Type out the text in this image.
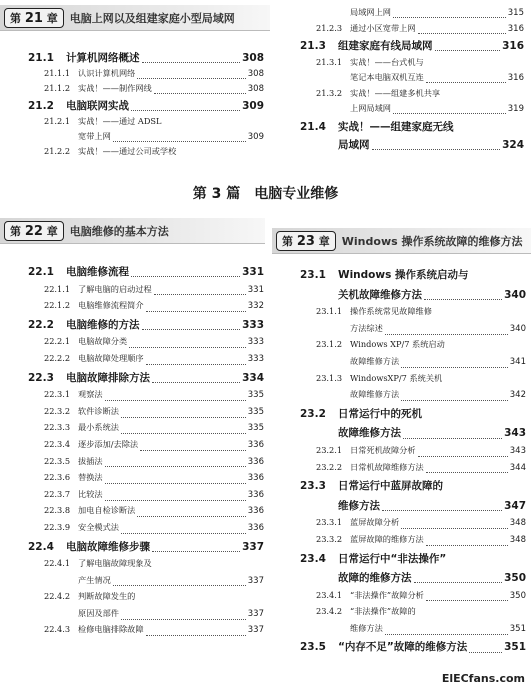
第 21 章	电脑上网以及组建家庭小型局域网
21.1	计算机网络概述	308
21.1.1 认识计算机网络	308
21.1.2 实战！——制作网线	308
21.2	电脑联网实战	309
21.2.1 实战！——通过 ADSL
宽带上网	309
21.2.2 实战！——通过公司或学校
局域网上网	315
21.2.3 通过小区宽带上网	316
21.3	组建家庭有线局域网	316
21.3.1 实战！——台式机与
笔记本电脑双机互连	316
21.3.2 实战！——组建多机共享
上网局域网	319
21.4	实战！——组建家庭无线
局域网	324
第 3 篇　电脑专业维修
第 22 章	电脑维修的基本方法
22.1	电脑维修流程	331
22.1.1 了解电脑的启动过程	331
22.1.2 电脑维修流程简介	332
22.2	电脑维修的方法	333
22.2.1 电脑故障分类	333
22.2.2 电脑故障处理顺序	333
22.3	电脑故障排除方法	334
22.3.1 观察法	335
22.3.2 软件诊断法	335
22.3.3 最小系统法	335
22.3.4 逐步添加/去除法	336
22.3.5 拔插法	336
22.3.6 替换法	336
22.3.7 比较法	336
22.3.8 加电自检诊断法	336
22.3.9 安全模式法	336
22.4	电脑故障维修步骤	337
22.4.1 了解电脑故障现象及
产生情况	337
22.4.2 判断故障发生的
原因及部件	337
22.4.3 检修电脑排除故障	337
第 23 章	Windows 操作系统故障的维修方法
23.1	Windows 操作系统启动与
关机故障维修方法	340
23.1.1 操作系统常见故障维修
方法综述	340
23.1.2 Windows XP/7 系统启动
故障维修方法	341
23.1.3 WindowsXP/7 系统关机
故障维修方法	342
23.2	日常运行中的死机
故障维修方法	343
23.2.1 日常死机故障分析	343
23.2.2 日常机故障维修方法	344
23.3	日常运行中蓝屏故障的
维修方法	347
23.3.1 蓝屏故障分析	348
23.3.2 蓝屏故障的维修方法	348
23.4	日常运行中“非法操作”
故障的维修方法	350
23.4.1 “非法操作”故障分析	350
23.4.2 “非法操作”故障的
维修方法	351
23.5	“内存不足”故障的维修方法	351
ElECfans.com
